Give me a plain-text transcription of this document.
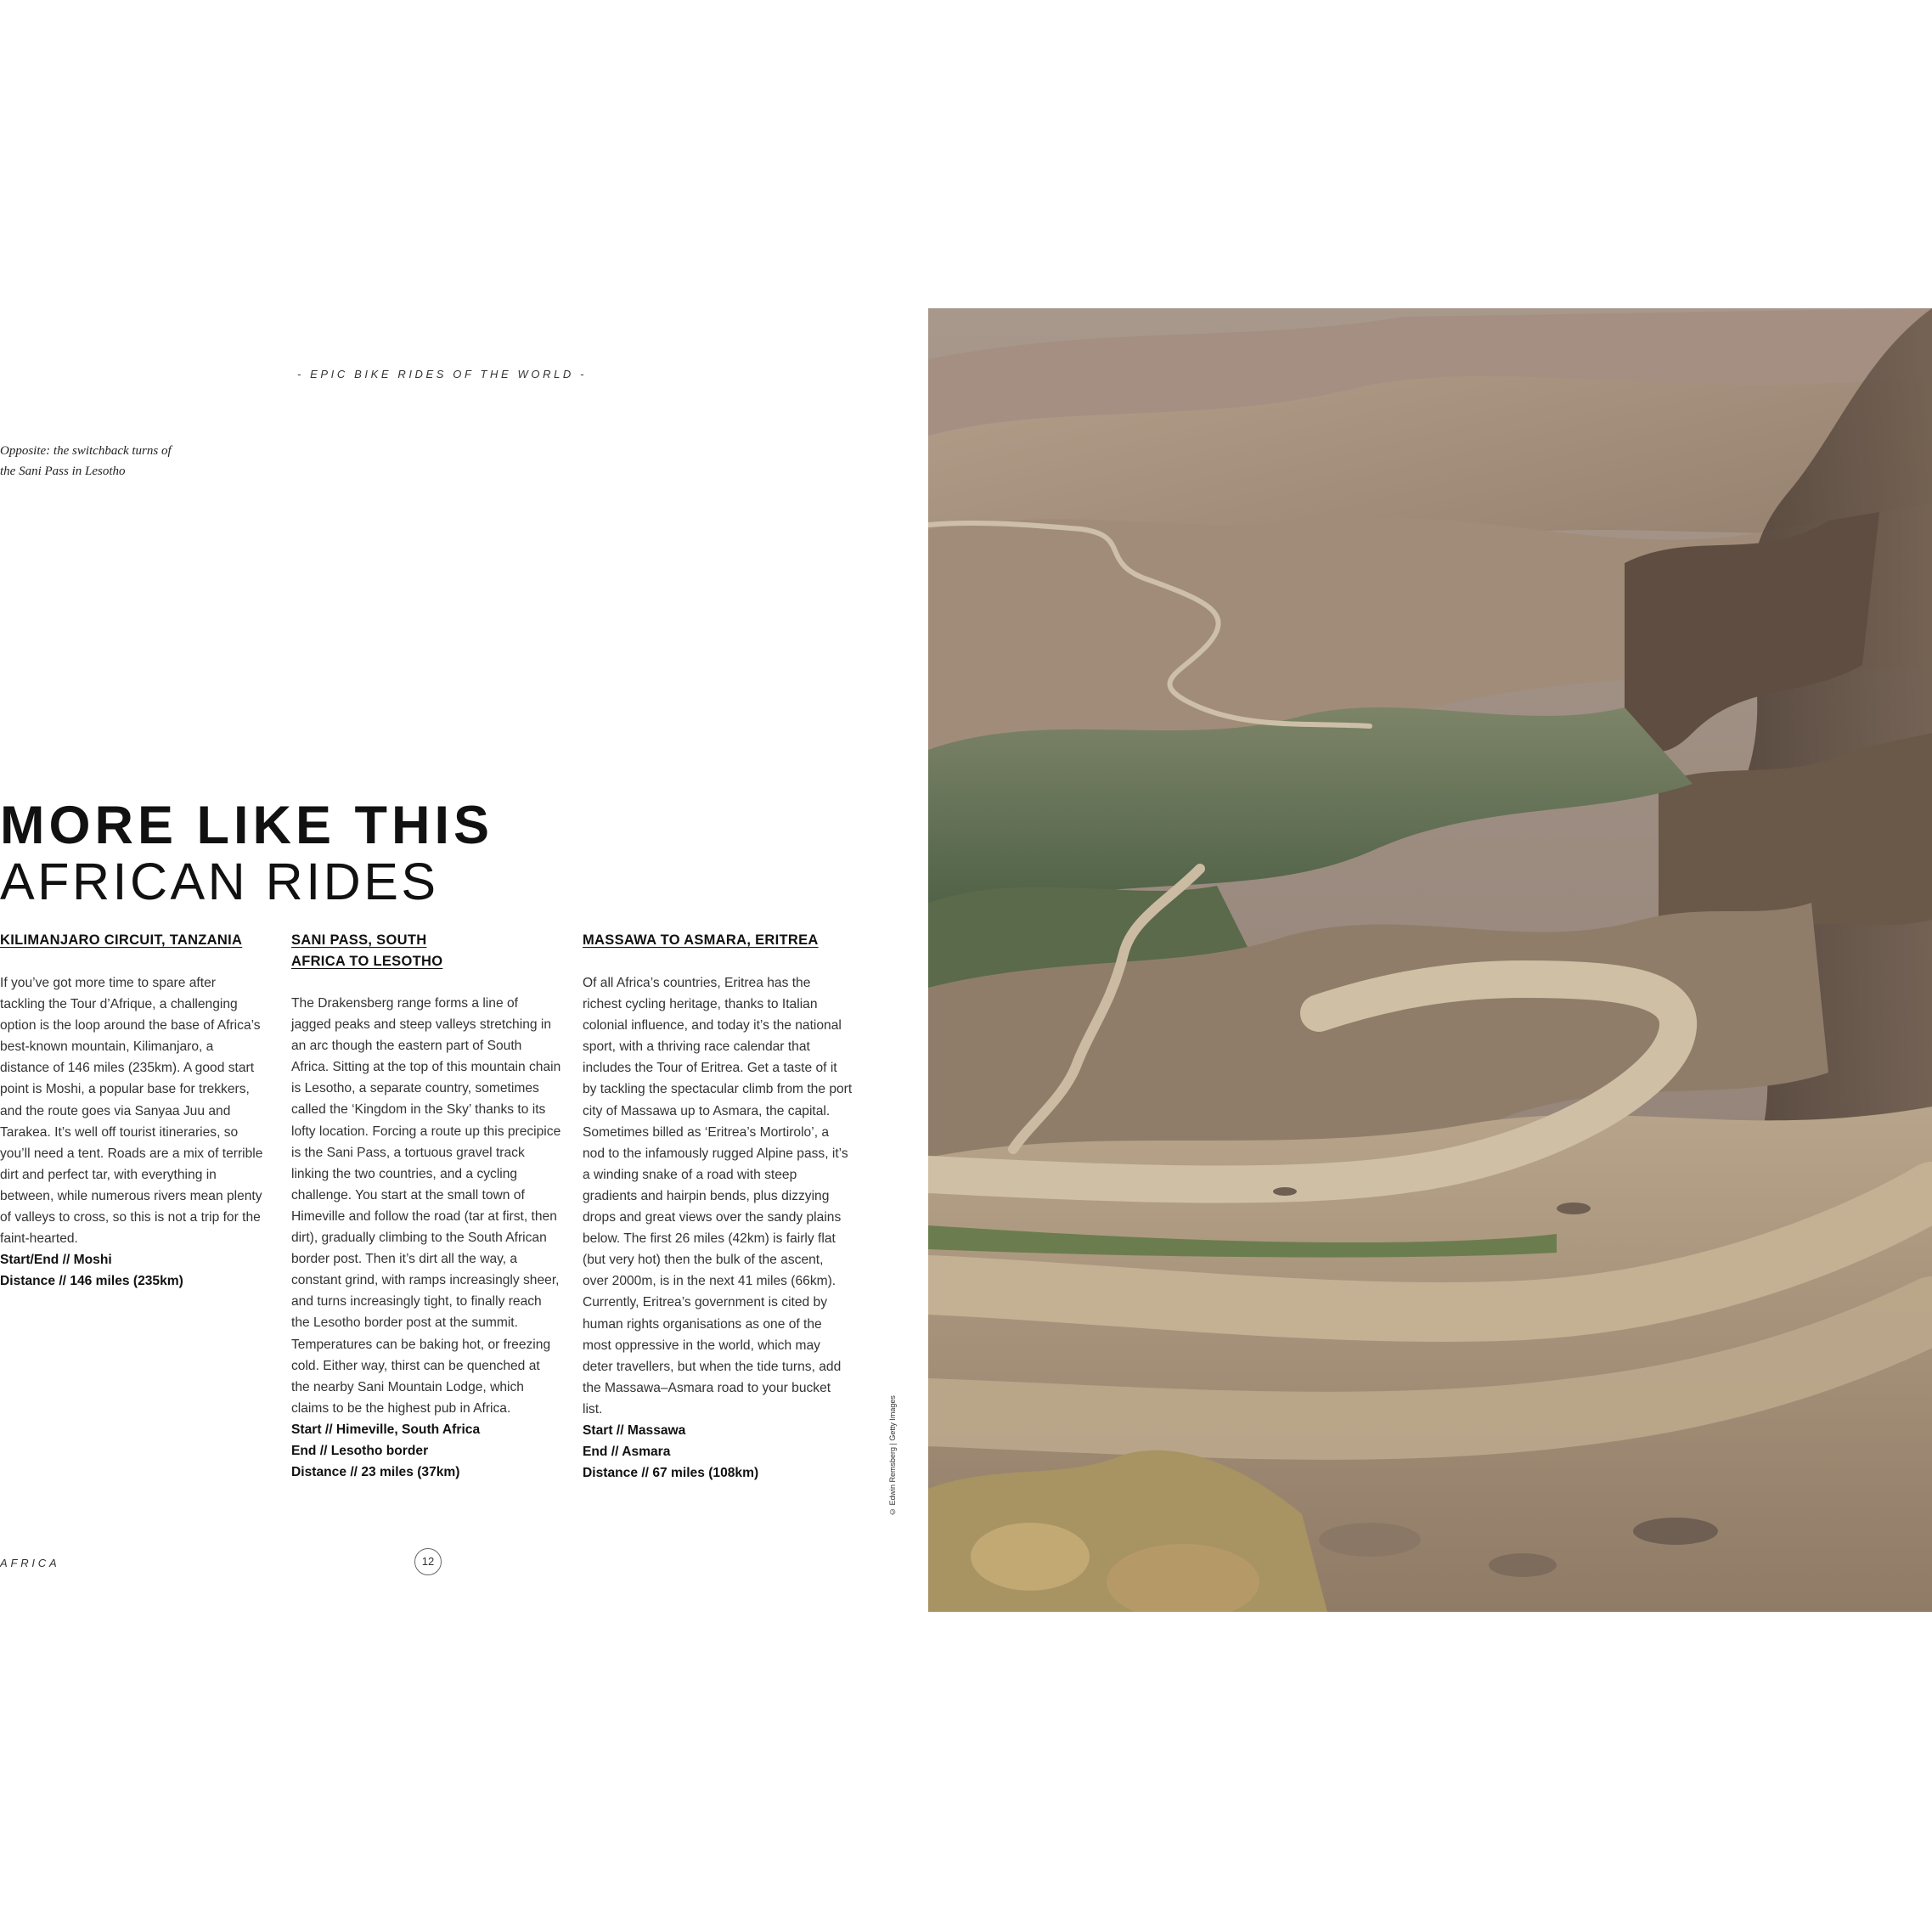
- EPIC BIKE RIDES OF THE WORLD -
Opposite: the switchback turns of the Sani Pass in Lesotho
MORE LIKE THIS
AFRICAN RIDES

KILIMANJARO CIRCUIT, TANZANIA

If you’ve got more time to spare after tackling the Tour d’Afrique, a challenging option is the loop around the base of Africa’s best-known mountain, Kilimanjaro, a distance of 146 miles (235km). A good start point is Moshi, a popular base for trekkers, and the route goes via Sanyaa Juu and Tarakea. It’s well off tourist itineraries, so you’ll need a tent. Roads are a mix of terrible dirt and perfect tar, with everything in between, while numerous rivers mean plenty of valleys to cross, so this is not a trip for the faint-hearted.

Start/End // Moshi
Distance // 146 miles (235km)

SANI PASS, SOUTH AFRICA TO LESOTHO

The Drakensberg range forms a line of jagged peaks and steep valleys stretching in an arc though the eastern part of South Africa. Sitting at the top of this mountain chain is Lesotho, a separate country, sometimes called the ‘Kingdom in the Sky’ thanks to its lofty location. Forcing a route up this precipice is the Sani Pass, a tortuous gravel track linking the two countries, and a cycling challenge. You start at the small town of Himeville and follow the road (tar at first, then dirt), gradually climbing to the South African border post. Then it’s dirt all the way, a constant grind, with ramps increasingly sheer, and turns increasingly tight, to finally reach the Lesotho border post at the summit. Temperatures can be baking hot, or freezing cold. Either way, thirst can be quenched at the nearby Sani Mountain Lodge, which claims to be the highest pub in Africa.

Start // Himeville, South Africa
End // Lesotho border
Distance // 23 miles (37km)

MASSAWA TO ASMARA, ERITREA

Of all Africa’s countries, Eritrea has the richest cycling heritage, thanks to Italian colonial influence, and today it’s the national sport, with a thriving race calendar that includes the Tour of Eritrea. Get a taste of it by tackling the spectacular climb from the port city of Massawa up to Asmara, the capital. Sometimes billed as ‘Eritrea’s Mortirolo’, a nod to the infamously rugged Alpine pass, it’s a winding snake of a road with steep gradients and hairpin bends, plus dizzying drops and great views over the sandy plains below. The first 26 miles (42km) is fairly flat (but very hot) then the bulk of the ascent, over 2000m, is in the next 41 miles (66km). Currently, Eritrea’s government is cited by human rights organisations as one of the most oppressive in the world, which may deter travellers, but when the tide turns, add the Massawa–Asmara road to your bucket list.

Start // Massawa
End // Asmara
Distance // 67 miles (108km)
AFRICA	12
© Edwin Remsberg | Getty Images
